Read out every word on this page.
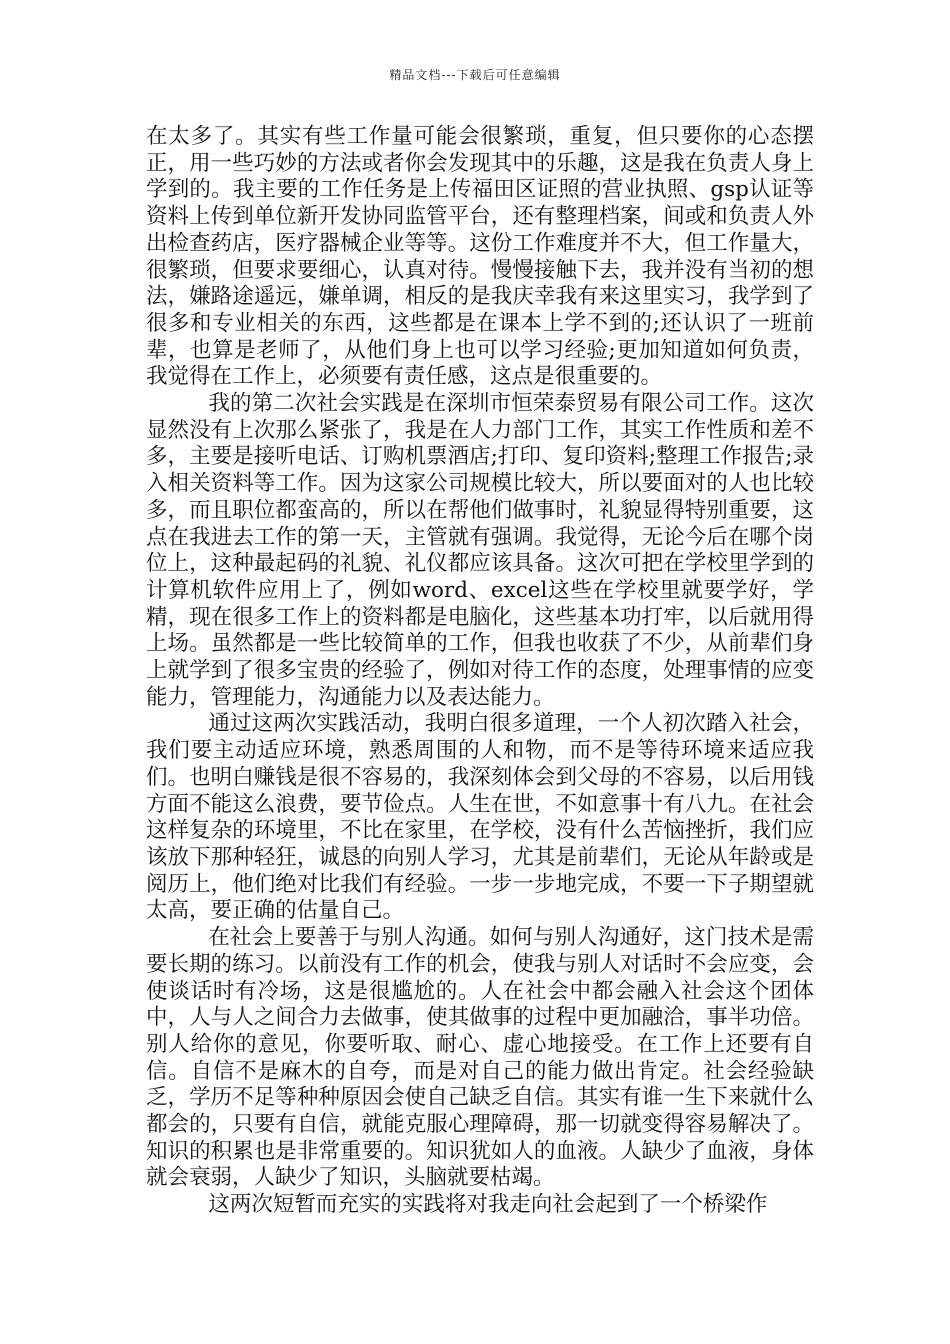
精品文档---下载后可任意编辑

在太多了。其实有些工作量可能会很繁琐，重复，但只要你的心态摆正，用一些巧妙的方法或者你会发现其中的乐趣，这是我在负责人身上学到的。我主要的工作任务是上传福田区证照的营业执照、gsp认证等资料上传到单位新开发协同监管平台，还有整理档案，间或和负责人外出检查药店，医疗器械企业等等。这份工作难度并不大，但工作量大，很繁琐，但要求要细心，认真对待。慢慢接触下去，我并没有当初的想法，嫌路途遥远，嫌单调，相反的是我庆幸我有来这里实习，我学到了很多和专业相关的东西，这些都是在课本上学不到的;还认识了一班前辈，也算是老师了，从他们身上也可以学习经验;更加知道如何负责，我觉得在工作上，必须要有责任感，这点是很重要的。

我的第二次社会实践是在深圳市恒荣泰贸易有限公司工作。这次显然没有上次那么紧张了，我是在人力部门工作，其实工作性质和差不多，主要是接听电话、订购机票酒店;打印、复印资料;整理工作报告;录入相关资料等工作。因为这家公司规模比较大，所以要面对的人也比较多，而且职位都蛮高的，所以在帮他们做事时，礼貌显得特别重要，这点在我进去工作的第一天，主管就有强调。我觉得，无论今后在哪个岗位上，这种最起码的礼貌、礼仪都应该具备。这次可把在学校里学到的计算机软件应用上了，例如word、excel这些在学校里就要学好，学精，现在很多工作上的资料都是电脑化，这些基本功打牢，以后就用得上场。虽然都是一些比较简单的工作，但我也收获了不少，从前辈们身上就学到了很多宝贵的经验了，例如对待工作的态度，处理事情的应变能力，管理能力，沟通能力以及表达能力。

通过这两次实践活动，我明白很多道理，一个人初次踏入社会，我们要主动适应环境，熟悉周围的人和物，而不是等待环境来适应我们。也明白赚钱是很不容易的，我深刻体会到父母的不容易，以后用钱方面不能这么浪费，要节俭点。人生在世，不如意事十有八九。在社会这样复杂的环境里，不比在家里，在学校，没有什么苦恼挫折，我们应该放下那种轻狂，诚恳的向别人学习，尤其是前辈们，无论从年龄或是阅历上，他们绝对比我们有经验。一步一步地完成，不要一下子期望就太高，要正确的估量自己。

在社会上要善于与别人沟通。如何与别人沟通好，这门技术是需要长期的练习。以前没有工作的机会，使我与别人对话时不会应变，会使谈话时有冷场，这是很尴尬的。人在社会中都会融入社会这个团体中，人与人之间合力去做事，使其做事的过程中更加融洽，事半功倍。别人给你的意见，你要听取、耐心、虚心地接受。在工作上还要有自信。自信不是麻木的自夸，而是对自己的能力做出肯定。社会经验缺乏，学历不足等种种原因会使自己缺乏自信。其实有谁一生下来就什么都会的，只要有自信，就能克服心理障碍，那一切就变得容易解决了。知识的积累也是非常重要的。知识犹如人的血液。人缺少了血液，身体就会衰弱，人缺少了知识，头脑就要枯竭。

这两次短暂而充实的实践将对我走向社会起到了一个桥梁作
